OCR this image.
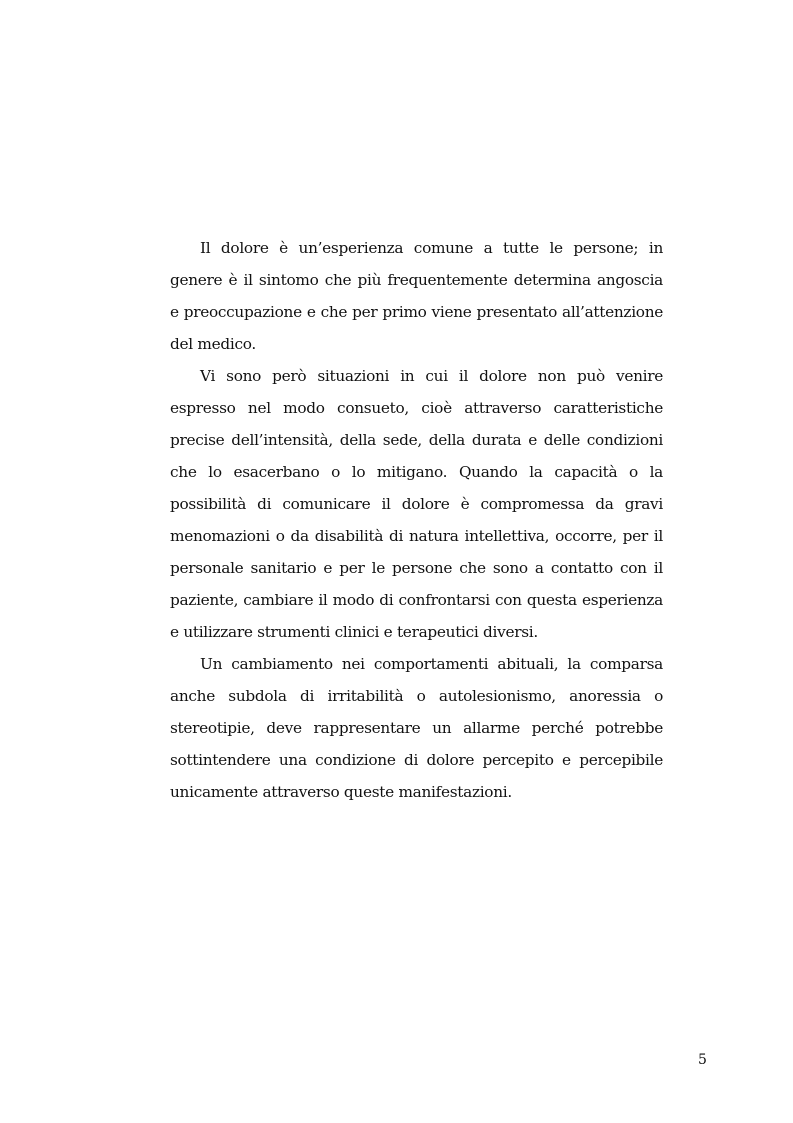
Il dolore è un’esperienza comune a tutte le persone; in genere è il sintomo che più frequentemente determina angoscia e preoccupazione e che per primo viene presentato all’attenzione del medico.

Vi sono però situazioni in cui il dolore non può venire espresso nel modo consueto, cioè attraverso caratteristiche precise dell’intensità, della sede, della durata e delle condizioni che lo esacerbano o lo mitigano. Quando la capacità o la possibilità di comunicare il dolore è compromessa da gravi menomazioni o da disabilità di natura intellettiva, occorre, per il personale sanitario e per le persone che sono a contatto con il paziente, cambiare il modo di confrontarsi con questa esperienza e utilizzare strumenti clinici e terapeutici diversi.

Un cambiamento nei comportamenti abituali, la comparsa anche subdola di irritabilità o autolesionismo, anoressia o stereotipie, deve rappresentare un allarme perché potrebbe sottintendere una condizione di dolore percepito e percepibile unicamente attraverso queste manifestazioni.

5
